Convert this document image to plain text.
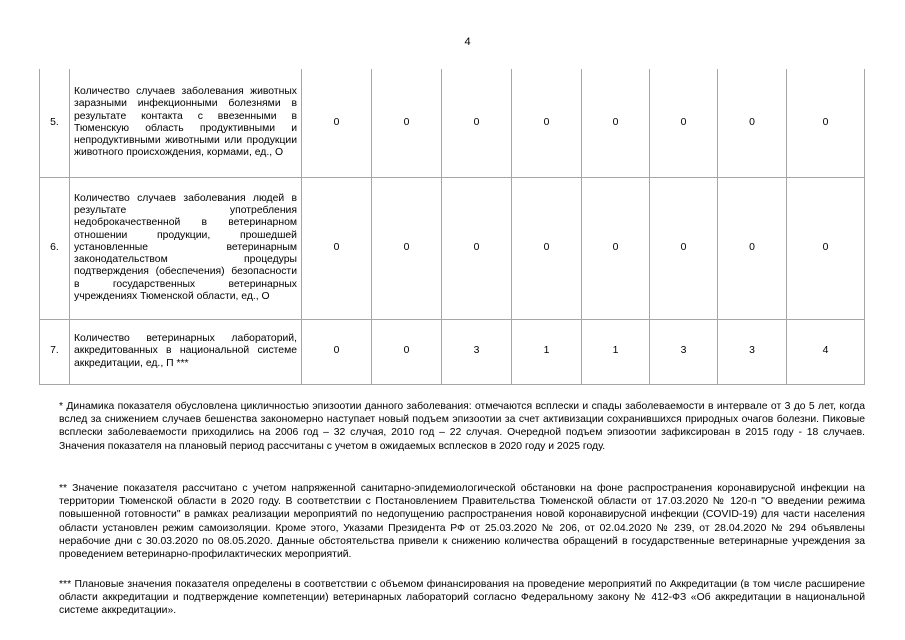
4
5.	Количество случаев заболевания животных заразными инфекционными болезнями в результате контакта с ввезенными в Тюменскую область продуктивными и непродуктивными животными или продукции животного происхождения, кормами, ед., О	0	0	0	0	0	0	0	0
6.	Количество случаев заболевания людей в результате употребления недоброкачественной в ветеринарном отношении продукции, прошедшей установленные ветеринарным законодательством процедуры подтверждения (обеспечения) безопасности в государственных ветеринарных учреждениях Тюменской области, ед., О	0	0	0	0	0	0	0	0
7.	Количество ветеринарных лабораторий, аккредитованных в национальной системе аккредитации, ед., П ***	0	0	3	1	1	3	3	4

* Динамика показателя обусловлена цикличностью эпизоотии данного заболевания: отмечаются всплески и спады заболеваемости в интервале от 3 до 5 лет, когда вслед за снижением случаев бешенства закономерно наступает новый подъем эпизоотии за счет активизации сохранившихся природных очагов болезни. Пиковые всплески заболеваемости приходились на 2006 год – 32 случая, 2010 год – 22 случая. Очередной подъем эпизоотии зафиксирован в 2015 году - 18 случаев. Значения показателя на плановый период рассчитаны с учетом в ожидаемых всплесков в 2020 году и 2025 году.

** Значение показателя рассчитано с учетом напряженной санитарно-эпидемиологической обстановки на фоне распространения коронавирусной инфекции на территории Тюменской области в 2020 году. В соответствии с Постановлением Правительства Тюменской области от 17.03.2020 № 120-п "О введении режима повышенной готовности" в рамках реализации мероприятий по недопущению распространения новой коронавирусной инфекции (COVID-19) для части населения области установлен режим самоизоляции. Кроме этого, Указами Президента РФ от 25.03.2020 № 206, от 02.04.2020 № 239, от 28.04.2020 № 294 объявлены нерабочие дни с 30.03.2020 по 08.05.2020. Данные обстоятельства привели к снижению количества обращений в государственные ветеринарные учреждения за проведением ветеринарно-профилактических мероприятий.

*** Плановые значения показателя определены в соответствии с объемом финансирования на проведение мероприятий по Аккредитации (в том числе расширение области аккредитации и подтверждение компетенции) ветеринарных лабораторий согласно Федеральному закону № 412-ФЗ «Об аккредитации в национальной системе аккредитации».
